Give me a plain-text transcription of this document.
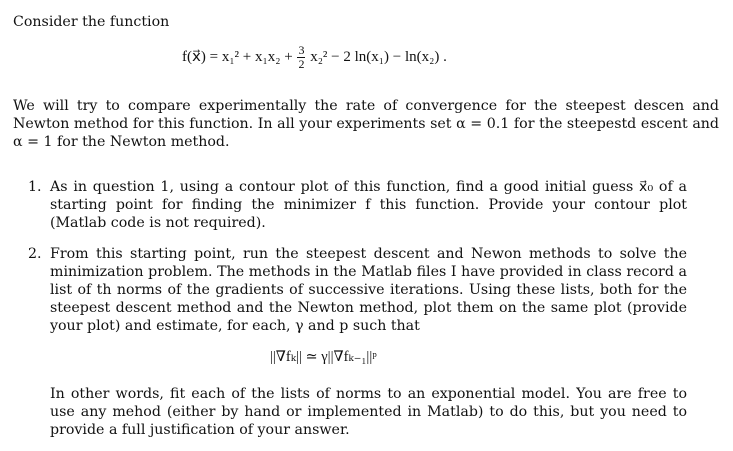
Consider the function

f(x⃗) = $x_1^2 + x_1x_2 + \frac{3}{2} x_2^2 - 2$ ln(x₁) − ln(x₂) .

We will try to compare experimentally the rate of convergence for the steepest descen and Newton method for this function. In all your experiments set α = 0.1 for the steepestd escent and α = 1 for the Newton method.

1. As in question 1, using a contour plot of this function, find a good initial guess x⃗₀ of a starting point for finding the minimizer f this function. Provide your contour plot (Matlab code is not required).
2. From this starting point, run the steepest descent and Newon methods to solve the minimization problem. The methods in the Matlab files I have provided in class record a list of th norms of the gradients of successive iterations. Using these lists, both for the steepest descent method and the Newton method, plot them on the same plot (provide your plot) and estimate, for each, γ and p such that
||∇fₖ|| ≃ γ||∇fₖ₋₁||ᵖ

In other words, fit each of the lists of norms to an exponential model. You are free to use any mehod (either by hand or implemented in Matlab) to do this, but you need to provide a full justification of your answer.
